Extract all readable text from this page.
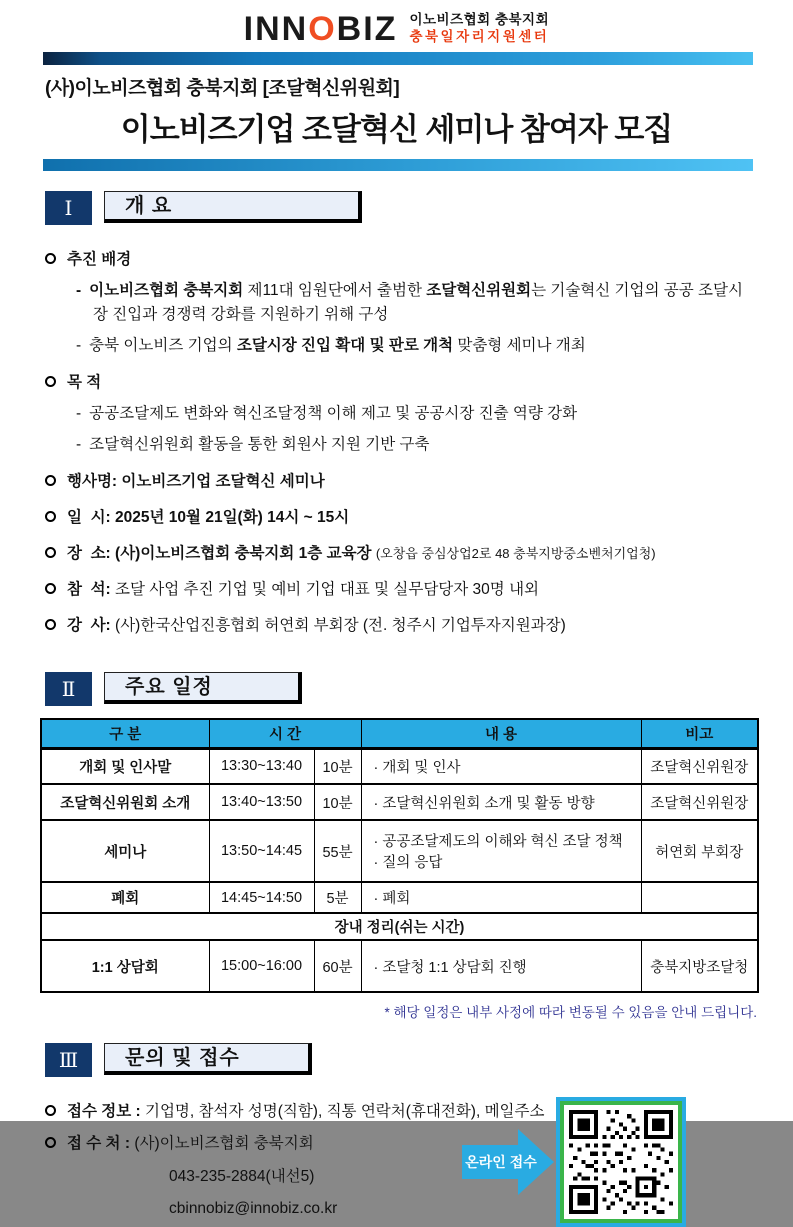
INNOBIZ 이노비즈협회 충북지회
충북일자리지원센터
(사)이노비즈협회 충북지회 [조달혁신위원회]
이노비즈기업 조달혁신 세미나 참여자 모집
Ⅰ	개 요
추진 배경
- 이노비즈협회 충북지회 제11대 임원단에서 출범한 조달혁신위원회는 기술혁신 기업의 공공 조달시장 진입과 경쟁력 강화를 지원하기 위해 구성
- 충북 이노비즈 기업의 조달시장 진입 확대 및 판로 개척 맞춤형 세미나 개최
목 적
- 공공조달제도 변화와 혁신조달정책 이해 제고 및 공공시장 진출 역량 강화
- 조달혁신위원회 활동을 통한 회원사 지원 기반 구축
행사명: 이노비즈기업 조달혁신 세미나
일  시: 2025년 10월 21일(화) 14시 ~ 15시
장  소: (사)이노비즈협회 충북지회 1층 교육장 (오창읍 중심상업2로 48 충북지방중소벤처기업청)
참  석: 조달 사업 추진 기업 및 예비 기업 대표 및 실무담당자 30명 내외
강  사: (사)한국산업진흥협회 허연회 부회장 (전. 청주시 기업투자지원과장)
Ⅱ	주요 일정
구 분	시 간		내 용	비고
개회 및 인사말	13:30~13:40	10분	· 개회 및 인사	조달혁신위원장
조달혁신위원회 소개	13:40~13:50	10분	· 조달혁신위원회 소개 및 활동 방향	조달혁신위원장
세미나	13:50~14:45	55분	· 공공조달제도의 이해와 혁신 조달 정책
· 질의 응답	허연회 부회장
폐회	14:45~14:50	5분	· 폐회	
장내 정리(쉬는 시간)				
1:1 상담회	15:00~16:00	60분	· 조달청 1:1 상담회 진행	충북지방조달청
* 해당 일정은 내부 사정에 따라 변동될 수 있음을 안내 드립니다.
Ⅲ	문의 및 접수
접수 정보 : 기업명, 참석자 성명(직함), 직통 연락처(휴대전화), 메일주소
접 수 처 : (사)이노비즈협회 충북지회
043-235-2884(내선5)
cbinnobiz@innobiz.co.kr
온라인 접수
